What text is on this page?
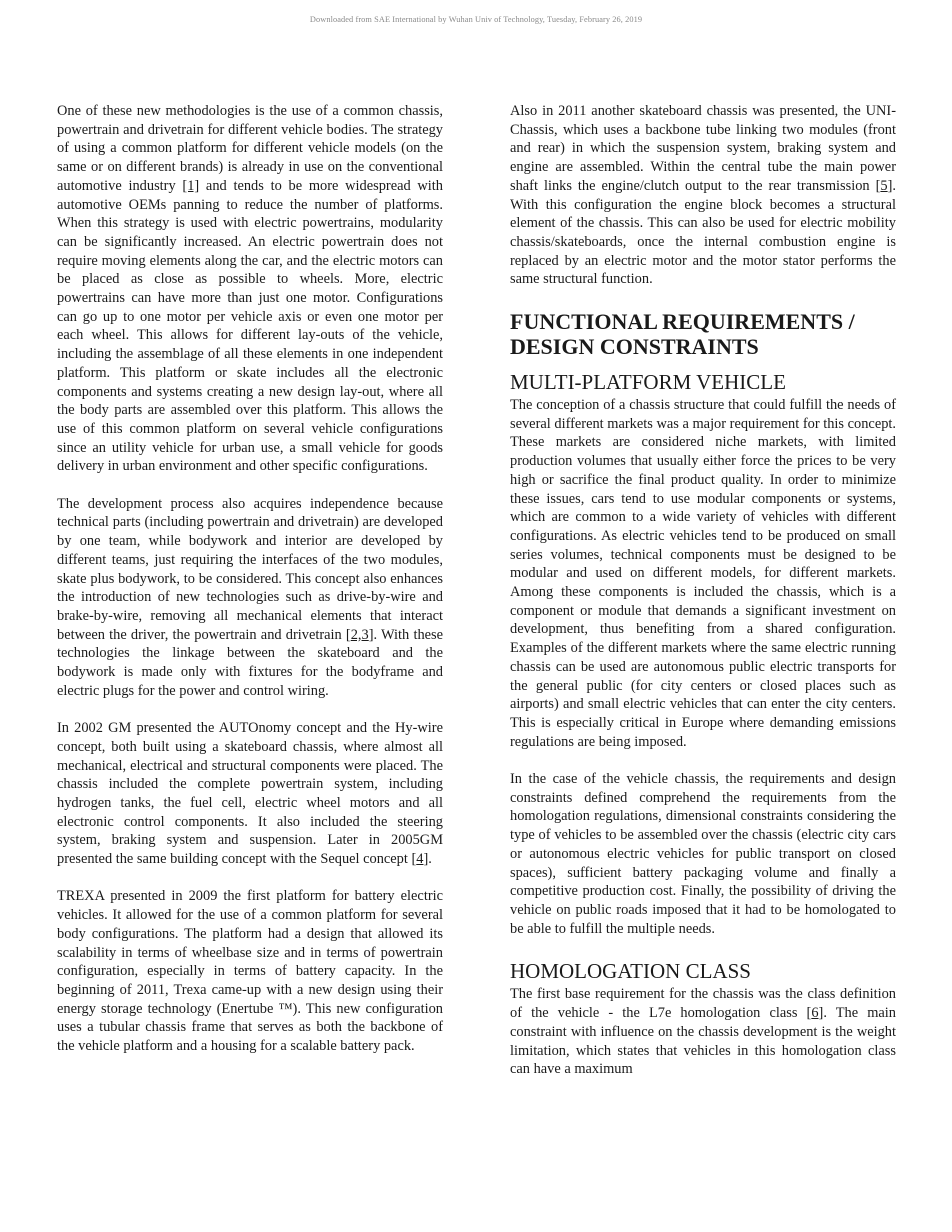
Downloaded from SAE International by Wuhan Univ of Technology, Tuesday, February 26, 2019

One of these new methodologies is the use of a common chassis, powertrain and drivetrain for different vehicle bodies. The strategy of using a common platform for different vehicle models (on the same or on different brands) is already in use on the conventional automotive industry [1] and tends to be more widespread with automotive OEMs panning to reduce the number of platforms. When this strategy is used with electric powertrains, modularity can be significantly increased. An electric powertrain does not require moving elements along the car, and the electric motors can be placed as close as possible to wheels. More, electric powertrains can have more than just one motor. Configurations can go up to one motor per vehicle axis or even one motor per each wheel. This allows for different lay-outs of the vehicle, including the assemblage of all these elements in one independent platform. This platform or skate includes all the electronic components and systems creating a new design lay-out, where all the body parts are assembled over this platform. This allows the use of this common platform on several vehicle configurations since an utility vehicle for urban use, a small vehicle for goods delivery in urban environment and other specific configurations.

The development process also acquires independence because technical parts (including powertrain and drivetrain) are developed by one team, while bodywork and interior are developed by different teams, just requiring the interfaces of the two modules, skate plus bodywork, to be considered. This concept also enhances the introduction of new technologies such as drive-by-wire and brake-by-wire, removing all mechanical elements that interact between the driver, the powertrain and drivetrain [2,3]. With these technologies the linkage between the skateboard and the bodywork is made only with fixtures for the bodyframe and electric plugs for the power and control wiring.

In 2002 GM presented the AUTOnomy concept and the Hy-wire concept, both built using a skateboard chassis, where almost all mechanical, electrical and structural components were placed. The chassis included the complete powertrain system, including hydrogen tanks, the fuel cell, electric wheel motors and all electronic control components. It also included the steering system, braking system and suspension. Later in 2005GM presented the same building concept with the Sequel concept [4].

TREXA presented in 2009 the first platform for battery electric vehicles. It allowed for the use of a common platform for several body configurations. The platform had a design that allowed its scalability in terms of wheelbase size and in terms of powertrain configuration, especially in terms of battery capacity. In the beginning of 2011, Trexa came-up with a new design using their energy storage technology (Enertube ™). This new configuration uses a tubular chassis frame that serves as both the backbone of the vehicle platform and a housing for a scalable battery pack.

Also in 2011 another skateboard chassis was presented, the UNI-Chassis, which uses a backbone tube linking two modules (front and rear) in which the suspension system, braking system and engine are assembled. Within the central tube the main power shaft links the engine/clutch output to the rear transmission [5]. With this configuration the engine block becomes a structural element of the chassis. This can also be used for electric mobility chassis/skateboards, once the internal combustion engine is replaced by an electric motor and the motor stator performs the same structural function.

FUNCTIONAL REQUIREMENTS / DESIGN CONSTRAINTS
MULTI-PLATFORM VEHICLE

The conception of a chassis structure that could fulfill the needs of several different markets was a major requirement for this concept. These markets are considered niche markets, with limited production volumes that usually either force the prices to be very high or sacrifice the final product quality. In order to minimize these issues, cars tend to use modular components or systems, which are common to a wide variety of vehicles with different configurations. As electric vehicles tend to be produced on small series volumes, technical components must be designed to be modular and used on different models, for different markets. Among these components is included the chassis, which is a component or module that demands a significant investment on development, thus benefiting from a shared configuration. Examples of the different markets where the same electric running chassis can be used are autonomous public electric transports for the general public (for city centers or closed places such as airports) and small electric vehicles that can enter the city centers. This is especially critical in Europe where demanding emissions regulations are being imposed.

In the case of the vehicle chassis, the requirements and design constraints defined comprehend the requirements from the homologation regulations, dimensional constraints considering the type of vehicles to be assembled over the chassis (electric city cars or autonomous electric vehicles for public transport on closed spaces), sufficient battery packaging volume and finally a competitive production cost. Finally, the possibility of driving the vehicle on public roads imposed that it had to be homologated to be able to fulfill the multiple needs.

HOMOLOGATION CLASS

The first base requirement for the chassis was the class definition of the vehicle - the L7e homologation class [6]. The main constraint with influence on the chassis development is the weight limitation, which states that vehicles in this homologation class can have a maximum
